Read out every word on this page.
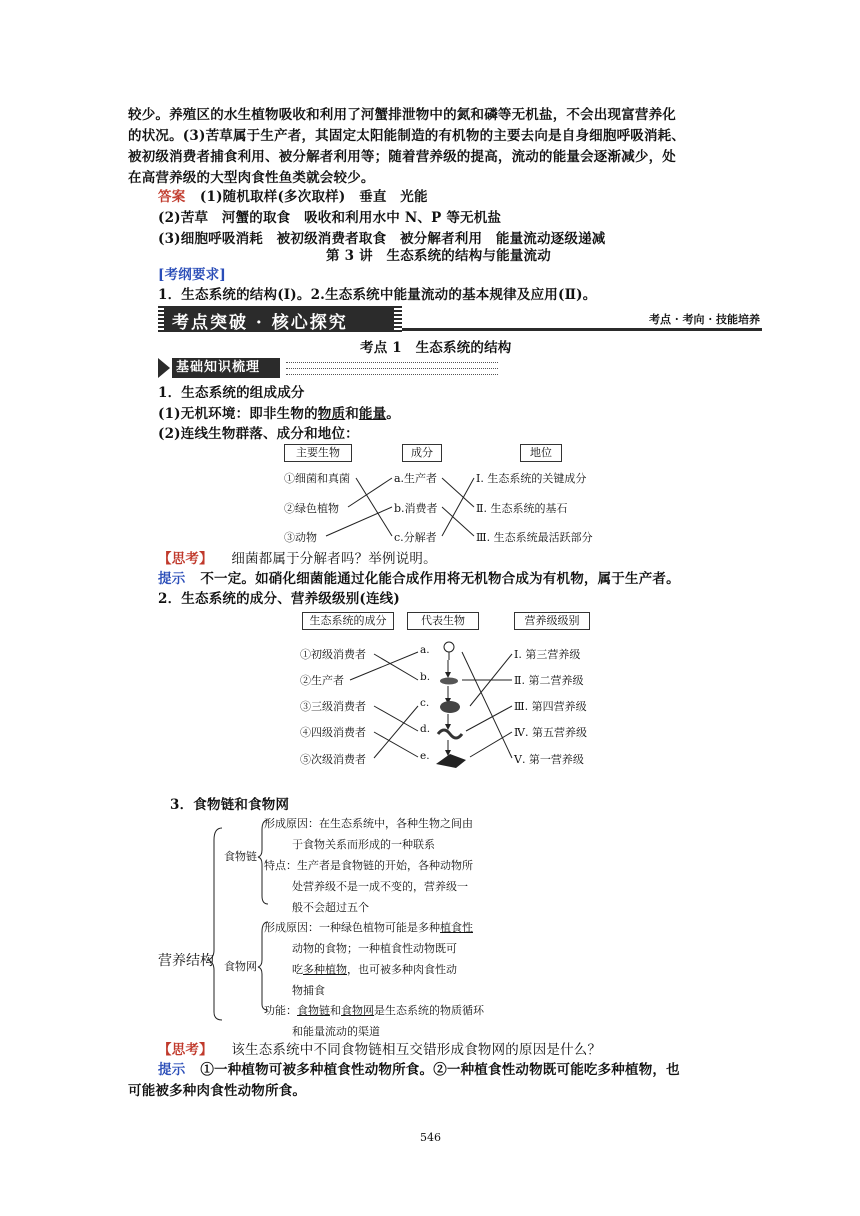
较少。养殖区的水生植物吸收和利用了河蟹排泄物中的氮和磷等无机盐，不会出现富营养化
的状况。(3)苦草属于生产者，其固定太阳能制造的有机物的主要去向是自身细胞呼吸消耗、
被初级消费者捕食利用、被分解者利用等；随着营养级的提高，流动的能量会逐渐减少，处
在高营养级的大型肉食性鱼类就会较少。
答案 (1)随机取样(多次取样)　垂直　光能
(2)苦草　河蟹的取食　吸收和利用水中 N、P 等无机盐
(3)细胞呼吸消耗　被初级消费者取食　被分解者利用　能量流动逐级递减
第 3 讲　生态系统的结构与能量流动
[考纲要求]
1．生态系统的结构(Ⅰ)。2.生态系统中能量流动的基本规律及应用(Ⅱ)。
考点突破 · 核心探究	考点 · 考向 · 技能培养
考点 1　生态系统的结构
基础知识梳理
1．生态系统的组成成分
(1)无机环境：即非生物的物质和能量。
(2)连线生物群落、成分和地位：
主要生物	成分	地位
①细菌和真菌
②绿色植物
③动物
a.生产者
b.消费者
c.分解者
Ⅰ. 生态系统的关键成分
Ⅱ. 生态系统的基石
Ⅲ. 生态系统最活跃部分
【思考】 细菌都属于分解者吗？举例说明。
提示 不一定。如硝化细菌能通过化能合成作用将无机物合成为有机物，属于生产者。
2．生态系统的成分、营养级级别(连线)
生态系统的成分	代表生物	营养级级别
①初级消费者
②生产者
③三级消费者
④四级消费者
⑤次级消费者
a.
b.
c.
d.
e.
Ⅰ. 第三营养级
Ⅱ. 第二营养级
Ⅲ. 第四营养级
Ⅳ. 第五营养级
Ⅴ. 第一营养级
3．食物链和食物网
营养结构
食物链
食物网
形成原因：在生态系统中，各种生物之间由
于食物关系而形成的一种联系
特点：生产者是食物链的开始，各种动物所
处营养级不是一成不变的，营养级一
般不会超过五个
形成原因：一种绿色植物可能是多种植食性
动物的食物；一种植食性动物既可
吃多种植物，也可被多种肉食性动
物捕食
功能：食物链和食物网是生态系统的物质循环
和能量流动的渠道
【思考】 该生态系统中不同食物链相互交错形成食物网的原因是什么？
提示 ①一种植物可被多种植食性动物所食。②一种植食性动物既可能吃多种植物，也
可能被多种肉食性动物所食。
546
